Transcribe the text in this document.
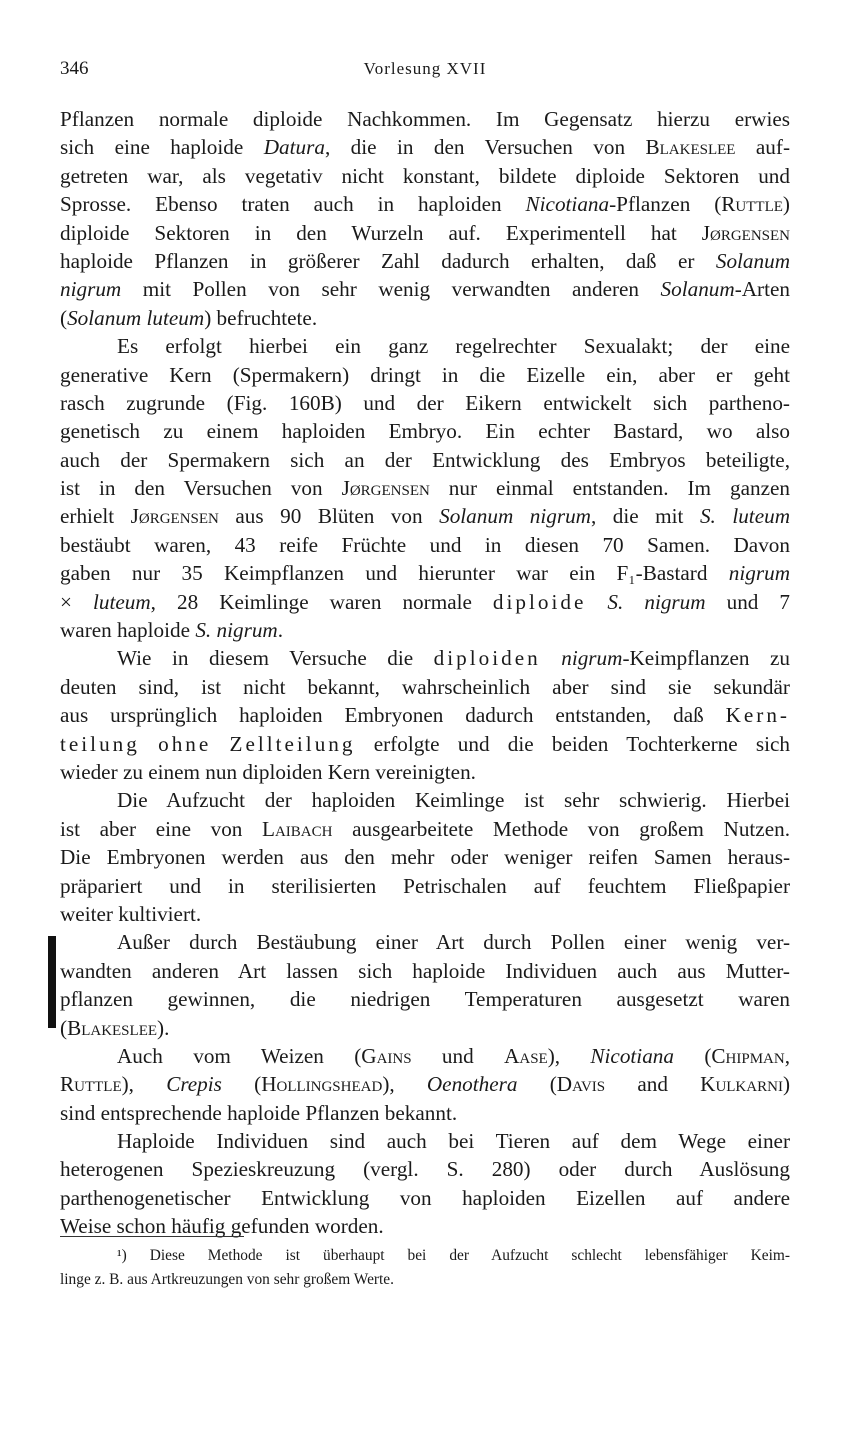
346	Vorlesung XVII
Pflanzen normale diploide Nachkommen. Im Gegensatz hierzu erwies
sich eine haploide Datura, die in den Versuchen von Blakeslee auf-
getreten war, als vegetativ nicht konstant, bildete diploide Sektoren und
Sprosse. Ebenso traten auch in haploiden Nicotiana-Pflanzen (Ruttle)
diploide Sektoren in den Wurzeln auf. Experimentell hat Jørgensen
haploide Pflanzen in größerer Zahl dadurch erhalten, daß er Solanum
nigrum mit Pollen von sehr wenig verwandten anderen Solanum-Arten
(Solanum luteum) befruchtete.
Es erfolgt hierbei ein ganz regelrechter Sexualakt; der eine
generative Kern (Spermakern) dringt in die Eizelle ein, aber er geht
rasch zugrunde (Fig. 160B) und der Eikern entwickelt sich partheno-
genetisch zu einem haploiden Embryo. Ein echter Bastard, wo also
auch der Spermakern sich an der Entwicklung des Embryos beteiligte,
ist in den Versuchen von Jørgensen nur einmal entstanden. Im ganzen
erhielt Jørgensen aus 90 Blüten von Solanum nigrum, die mit S. luteum
bestäubt waren, 43 reife Früchte und in diesen 70 Samen. Davon
gaben nur 35 Keimpflanzen und hierunter war ein F₁-Bastard nigrum
× luteum, 28 Keimlinge waren normale diploide S. nigrum und 7
waren haploide S. nigrum.
Wie in diesem Versuche die diploiden nigrum-Keimpflanzen zu
deuten sind, ist nicht bekannt, wahrscheinlich aber sind sie sekundär
aus ursprünglich haploiden Embryonen dadurch entstanden, daß Kern-
teilung ohne Zellteilung erfolgte und die beiden Tochterkerne sich
wieder zu einem nun diploiden Kern vereinigten.
Die Aufzucht der haploiden Keimlinge ist sehr schwierig. Hierbei
ist aber eine von Laibach ausgearbeitete Methode von großem Nutzen.
Die Embryonen werden aus den mehr oder weniger reifen Samen heraus-
präpariert und in sterilisierten Petrischalen auf feuchtem Fließpapier
weiter kultiviert.
Außer durch Bestäubung einer Art durch Pollen einer wenig ver-
wandten anderen Art lassen sich haploide Individuen auch aus Mutter-
pflanzen gewinnen, die niedrigen Temperaturen ausgesetzt waren
(Blakeslee).
Auch vom Weizen (Gains und Aase), Nicotiana (Chipman,
Ruttle), Crepis (Hollingshead), Oenothera (Davis and Kulkarni)
sind entsprechende haploide Pflanzen bekannt.
Haploide Individuen sind auch bei Tieren auf dem Wege einer
heterogenen Spezieskreuzung (vergl. S. 280) oder durch Auslösung
parthenogenetischer Entwicklung von haploiden Eizellen auf andere
Weise schon häufig gefunden worden.
¹) Diese Methode ist überhaupt bei der Aufzucht schlecht lebensfähiger Keim-
linge z. B. aus Artkreuzungen von sehr großem Werte.
